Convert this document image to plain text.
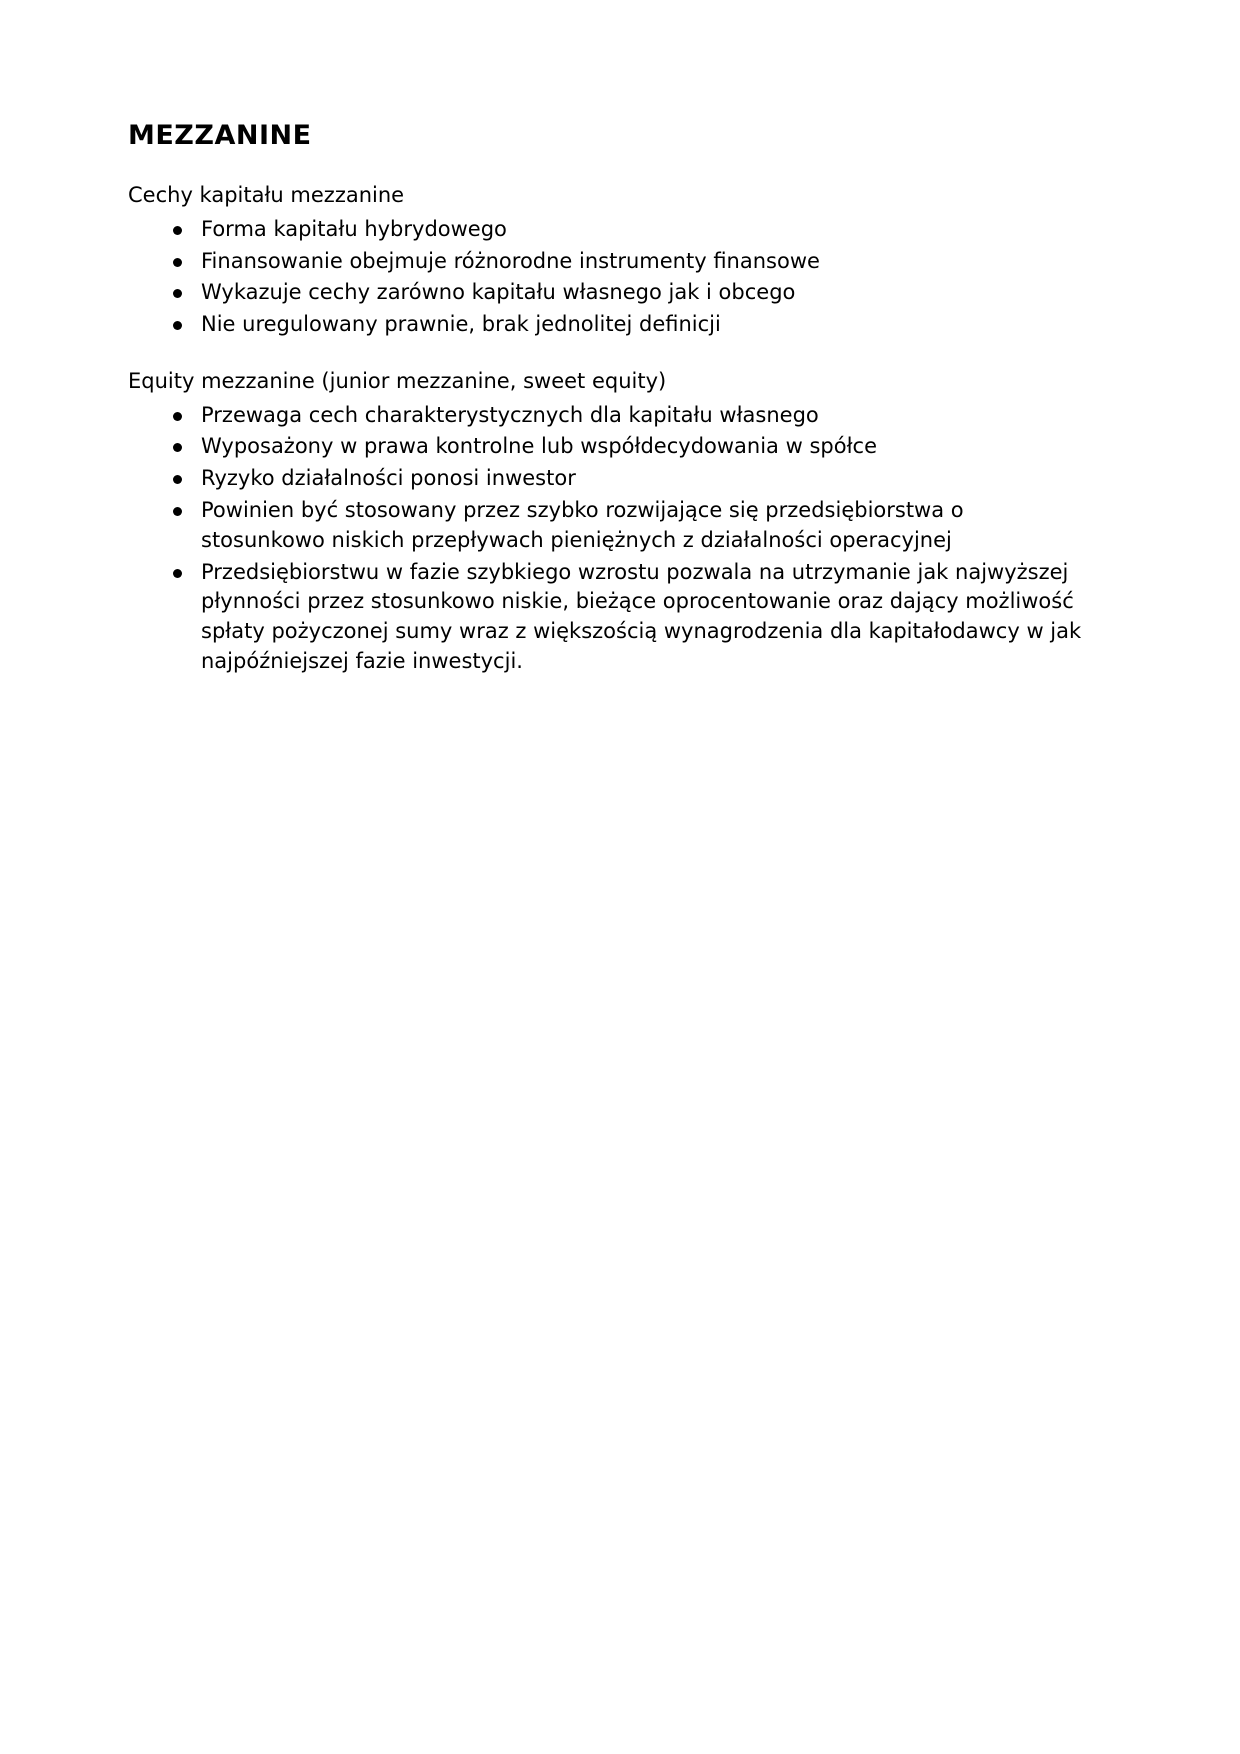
MEZZANINE

Cechy kapitału mezzanine

Forma kapitału hybrydowego
Finansowanie obejmuje różnorodne instrumenty finansowe
Wykazuje cechy zarówno kapitału własnego jak i obcego
Nie uregulowany prawnie, brak jednolitej definicji

Equity mezzanine (junior mezzanine, sweet equity)

Przewaga cech charakterystycznych dla kapitału własnego
Wyposażony w prawa kontrolne lub współdecydowania w spółce
Ryzyko działalności ponosi inwestor
Powinien być stosowany przez szybko rozwijające się przedsiębiorstwa o stosunkowo niskich przepływach pieniężnych z działalności operacyjnej
Przedsiębiorstwu w fazie szybkiego wzrostu pozwala na utrzymanie jak najwyższej płynności przez stosunkowo niskie, bieżące oprocentowanie oraz dający możliwość spłaty pożyczonej sumy wraz z większością wynagrodzenia dla kapitałodawcy w jak najpóźniejszej fazie inwestycji.
